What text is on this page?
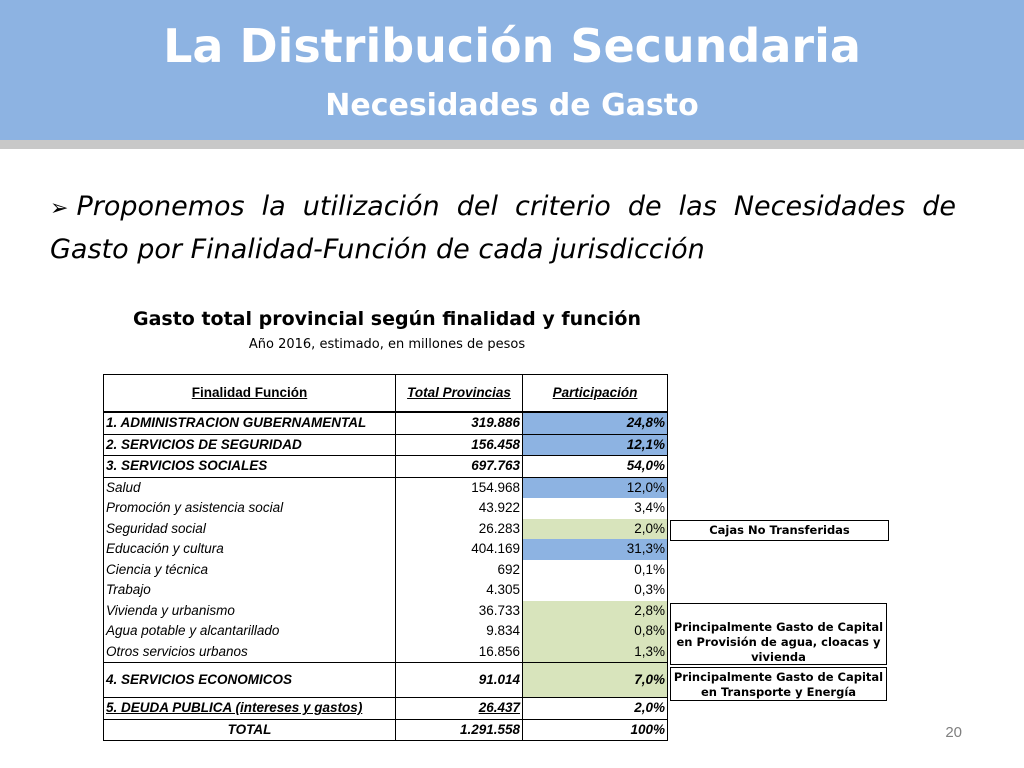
La Distribución Secundaria
Necesidades de Gasto
➢ Proponemos la utilización del criterio de las Necesidades de Gasto por Finalidad-Función de cada jurisdicción
Gasto total provincial según finalidad y función
Año 2016, estimado, en millones de pesos
Finalidad Función	Total Provincias	Participación
1. ADMINISTRACION GUBERNAMENTAL	319.886	24,8%
2. SERVICIOS DE SEGURIDAD	156.458	12,1%
3. SERVICIOS SOCIALES	697.763	54,0%
Salud	154.968	12,0%
Promoción y asistencia social	43.922	3,4%
Seguridad social	26.283	2,0%
Educación y cultura	404.169	31,3%
Ciencia y técnica	692	0,1%
Trabajo	4.305	0,3%
Vivienda y urbanismo	36.733	2,8%
Agua potable y alcantarillado	9.834	0,8%
Otros servicios urbanos	16.856	1,3%
4. SERVICIOS ECONOMICOS	91.014	7,0%
5. DEUDA PUBLICA (intereses y gastos)	26.437	2,0%
TOTAL	1.291.558	100%
Cajas No Transferidas
Principalmente Gasto de Capital en Provisión de agua, cloacas y vivienda
Principalmente Gasto de Capital en Transporte y Energía
20
